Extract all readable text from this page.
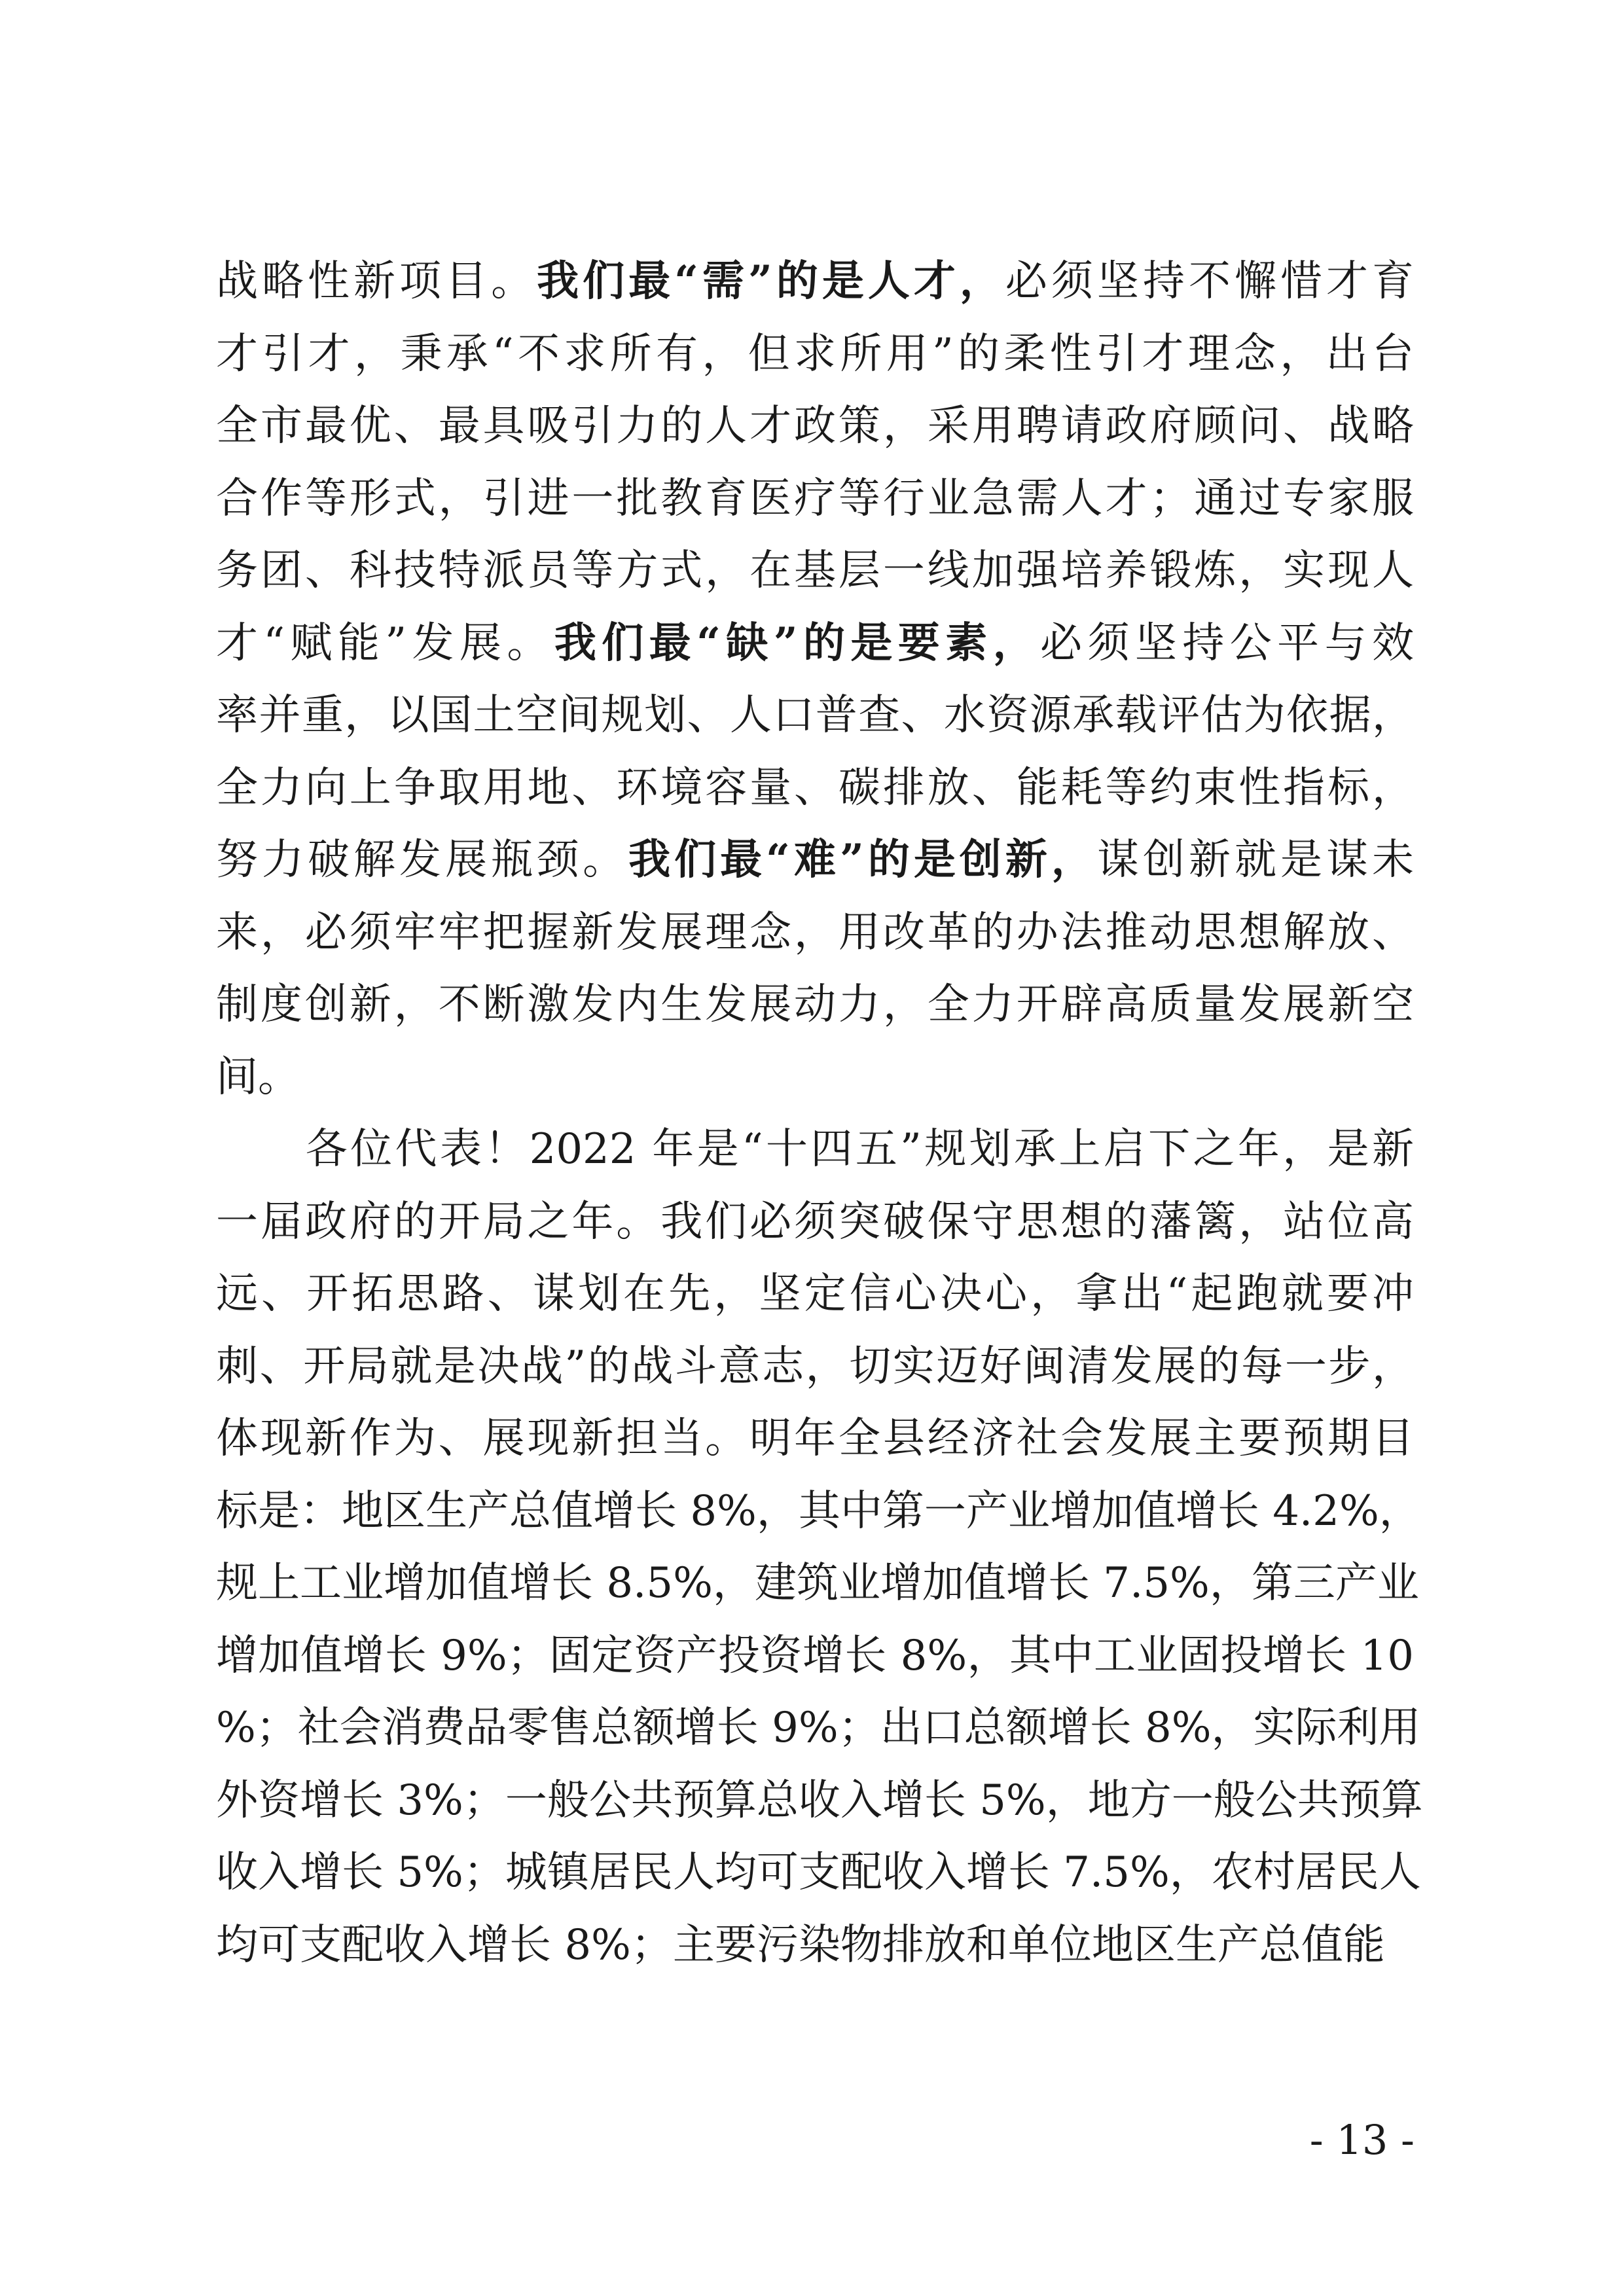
战略性新项目。我们最“需”的是人才，必须坚持不懈惜才育
才引才，秉承“不求所有，但求所用”的柔性引才理念，出台
全市最优、最具吸引力的人才政策，采用聘请政府顾问、战略
合作等形式，引进一批教育医疗等行业急需人才；通过专家服
务团、科技特派员等方式，在基层一线加强培养锻炼，实现人
才“赋能”发展。我们最“缺”的是要素，必须坚持公平与效
率并重，以国土空间规划、人口普查、水资源承载评估为依据，
全力向上争取用地、环境容量、碳排放、能耗等约束性指标，
努力破解发展瓶颈。我们最“难”的是创新，谋创新就是谋未
来，必须牢牢把握新发展理念，用改革的办法推动思想解放、
制度创新，不断激发内生发展动力，全力开辟高质量发展新空
间。
　　各位代表！2022 年是“十四五”规划承上启下之年，是新
一届政府的开局之年。我们必须突破保守思想的藩篱，站位高
远、开拓思路、谋划在先，坚定信心决心，拿出“起跑就要冲
刺、开局就是决战”的战斗意志，切实迈好闽清发展的每一步，
体现新作为、展现新担当。明年全县经济社会发展主要预期目
标是：地区生产总值增长 8%，其中第一产业增加值增长 4.2%，
规上工业增加值增长 8.5%，建筑业增加值增长 7.5%，第三产业
增加值增长 9%；固定资产投资增长 8%，其中工业固投增长 10
%；社会消费品零售总额增长 9%；出口总额增长 8%，实际利用
外资增长 3%；一般公共预算总收入增长 5%，地方一般公共预算
收入增长 5%；城镇居民人均可支配收入增长 7.5%，农村居民人
均可支配收入增长 8%；主要污染物排放和单位地区生产总值能
- 13 -
